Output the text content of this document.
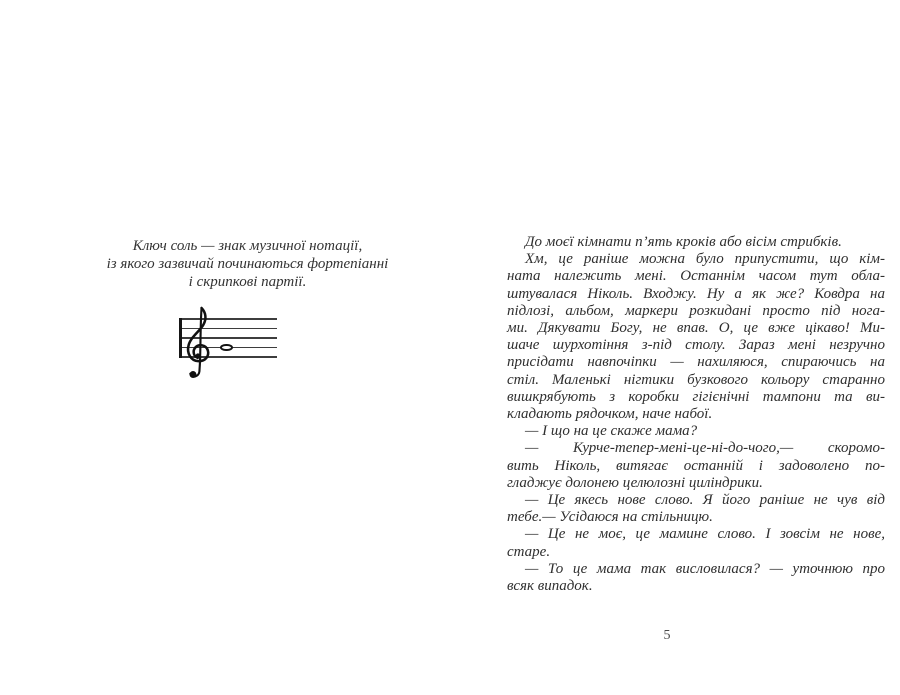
Ключ соль — знак музичної нотації,
із якого зазвичай починаються фортепіанні
і скрипкові партії.
До моєї кімнати п’ять кроків або вісім стрибків.
Хм, це раніше можна було припустити, що кім-
ната належить мені. Останнім часом тут обла-
штувалася Ніколь. Входжу. Ну а як же? Ковдра на
підлозі, альбом, маркери розкидані просто під нога-
ми. Дякувати Богу, не впав. О, це вже цікаво! Ми-
шаче шурхотіння з-під столу. Зараз мені незручно
присідати навпочіпки — нахиляюся, спираючись на
стіл. Маленькі нігтики бузкового кольору старанно
вишкрябують з коробки гігієнічні тампони та ви-
кладають рядочком, наче набої.
— І що на це скаже мама?
— Курче-тепер-мені-це-ні-до-чого,— скоромо-
вить Ніколь, витягає останній і задоволено по-
гладжує долонею целюлозні циліндрики.
— Це якесь нове слово. Я його раніше не чув від
тебе.— Усідаюся на стільницю.
— Це не моє, це мамине слово. І зовсім не нове,
старе.
— То це мама так висловилася? — уточнюю про
всяк випадок.
5
